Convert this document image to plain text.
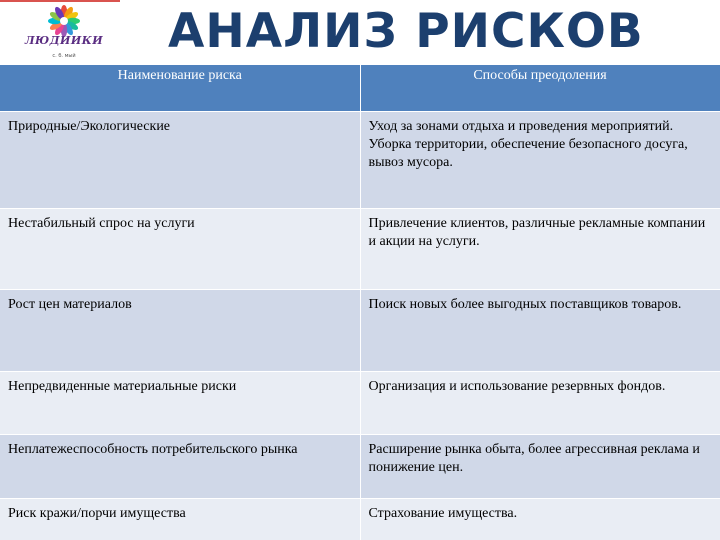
ЛЮДИИКИ
с. б. мый	АНАЛИЗ РИСКОВ
Наименование риска	Способы преодоления
Природные/Экологические	Уход за зонами отдыха и проведения мероприятий. Уборка территории, обеспечение безопасного досуга, вывоз мусора.
Нестабильный спрос на услуги	Привлечение клиентов, различные рекламные компании и акции на услуги.
Рост цен материалов	Поиск новых более выгодных поставщиков товаров.
Непредвиденные материальные риски	Организация и использование резервных фондов.
Неплатежеспособность потребительского рынка	Расширение рынка обыта, более агрессивная реклама и понижение цен.
Риск кражи/порчи имущества	Страхование имущества.
